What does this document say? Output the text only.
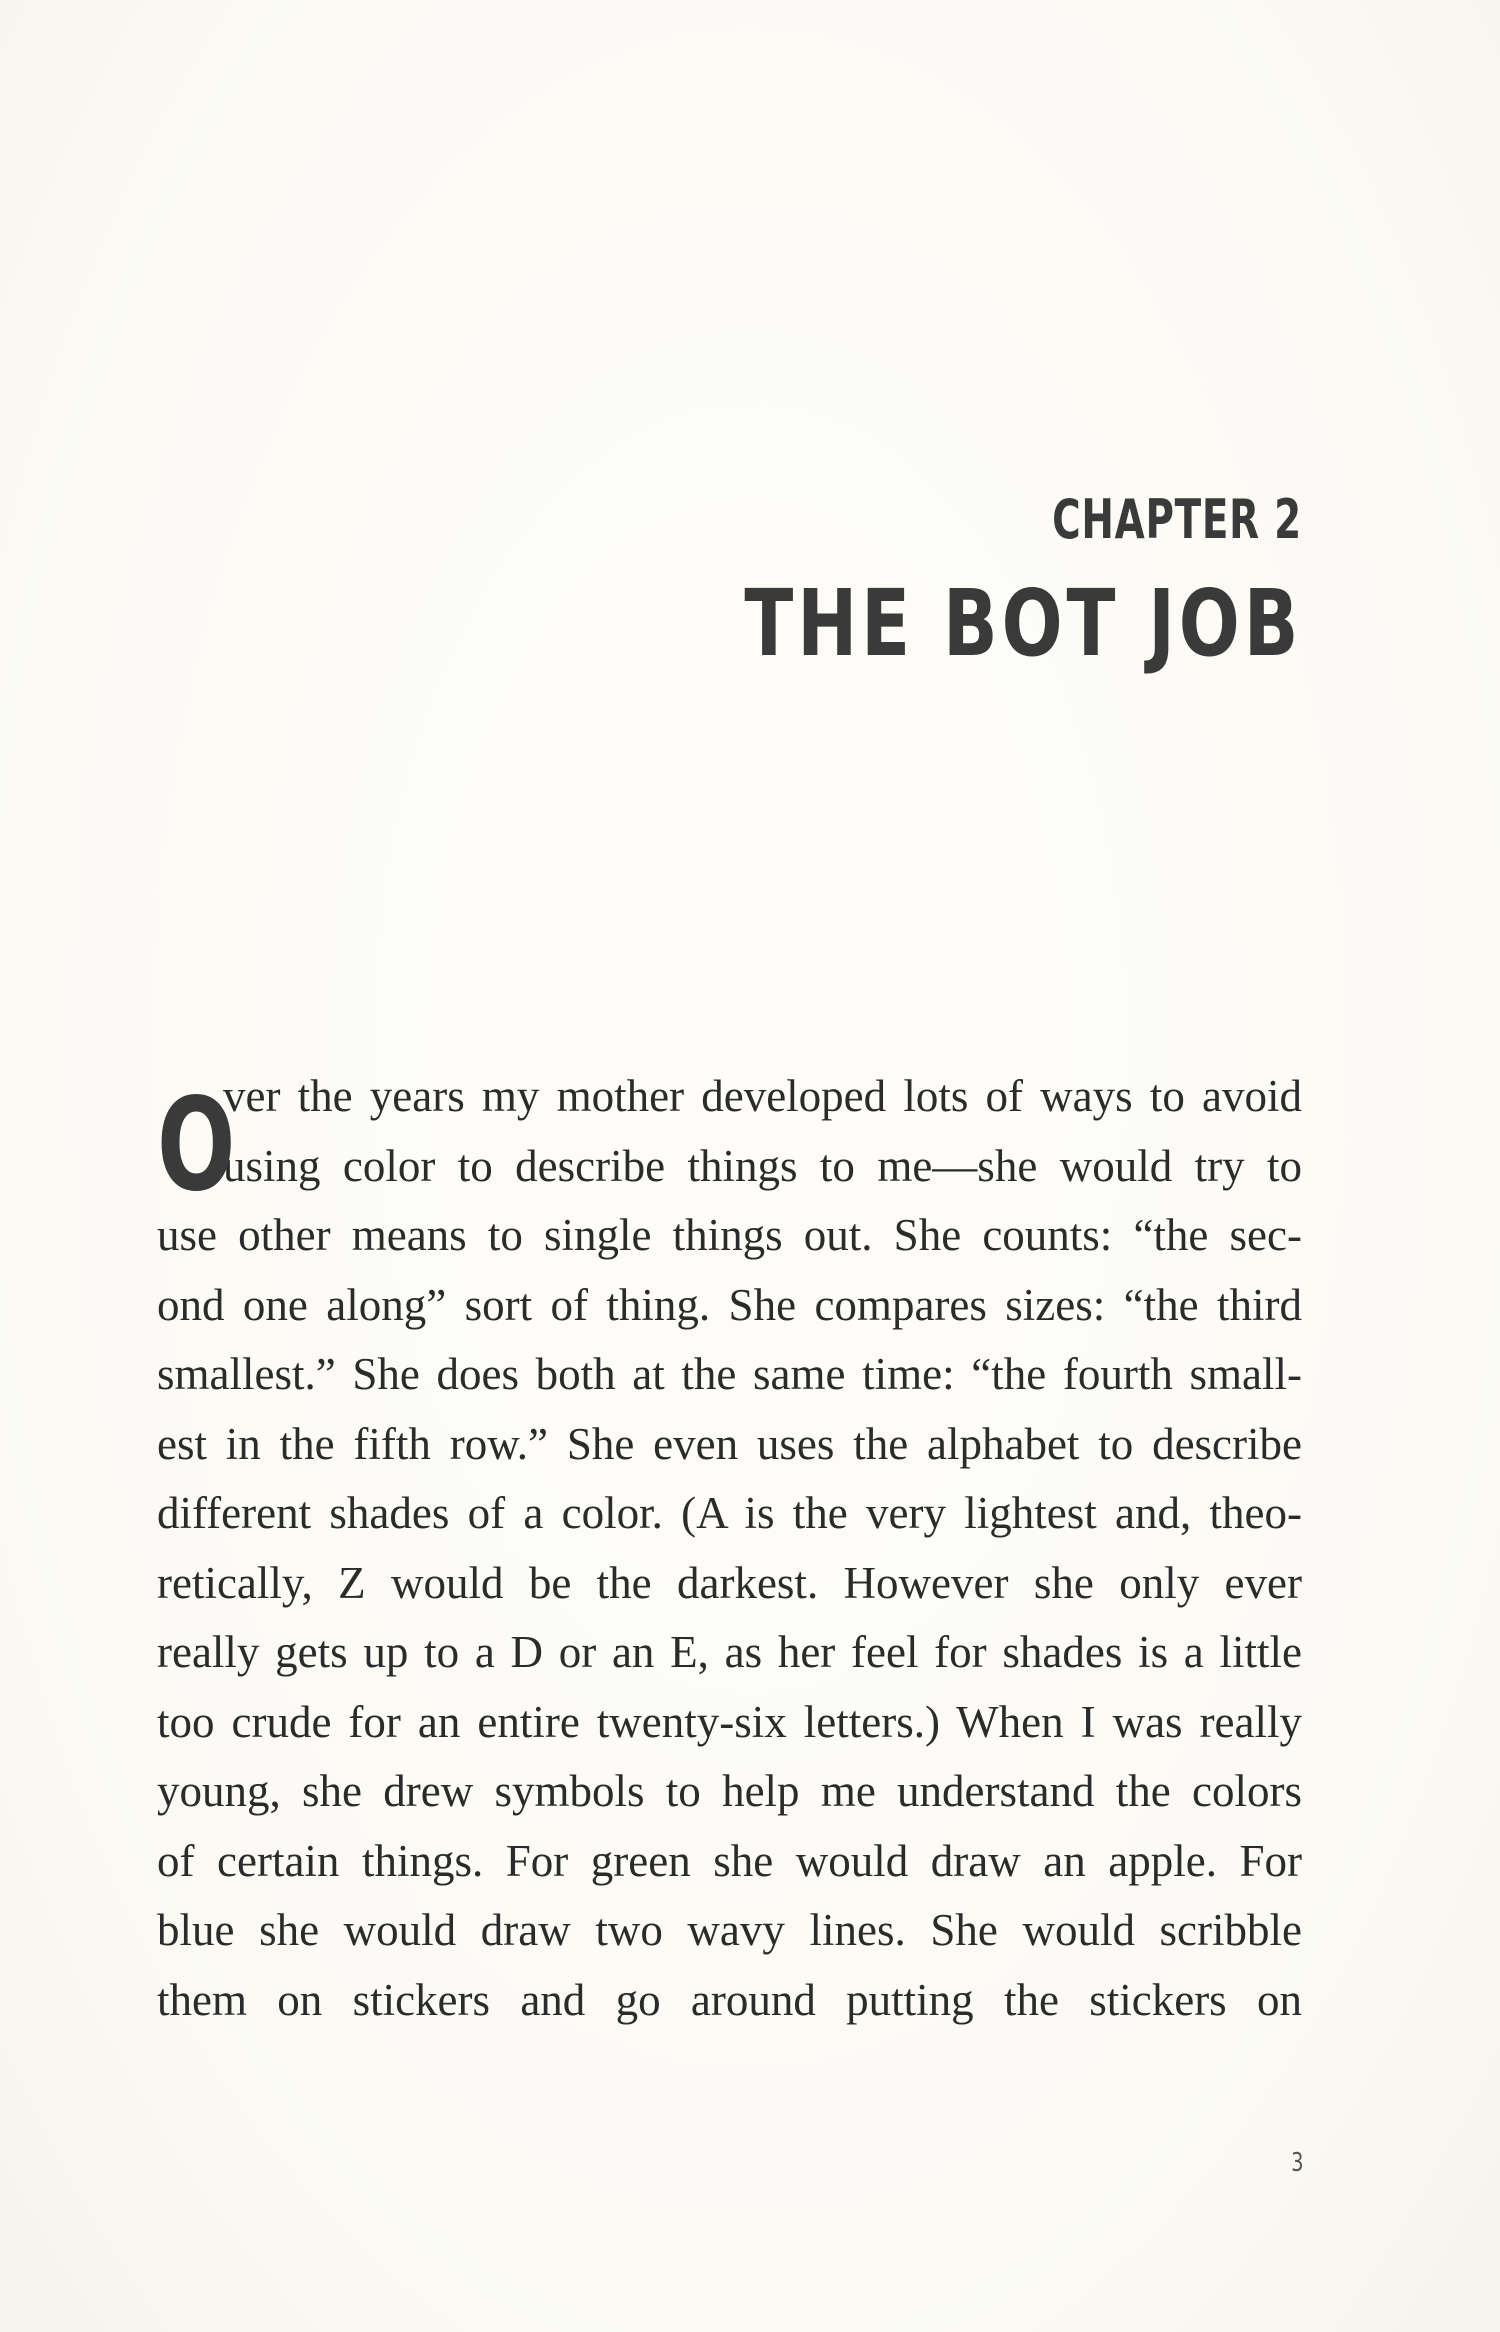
CHAPTER 2
THE BOT JOB
O
ver the years my mother developed lots of ways to avoid
using color to describe things to me—she would try to
use other means to single things out. She counts: “the sec-
ond one along” sort of thing. She compares sizes: “the third
smallest.” She does both at the same time: “the fourth small-
est in the fifth row.” She even uses the alphabet to describe
different shades of a color. (A is the very lightest and, theo-
retically, Z would be the darkest. However she only ever
really gets up to a D or an E, as her feel for shades is a little
too crude for an entire twenty-six letters.) When I was really
young, she drew symbols to help me understand the colors
of certain things. For green she would draw an apple. For
blue she would draw two wavy lines. She would scribble
them on stickers and go around putting the stickers on
3
